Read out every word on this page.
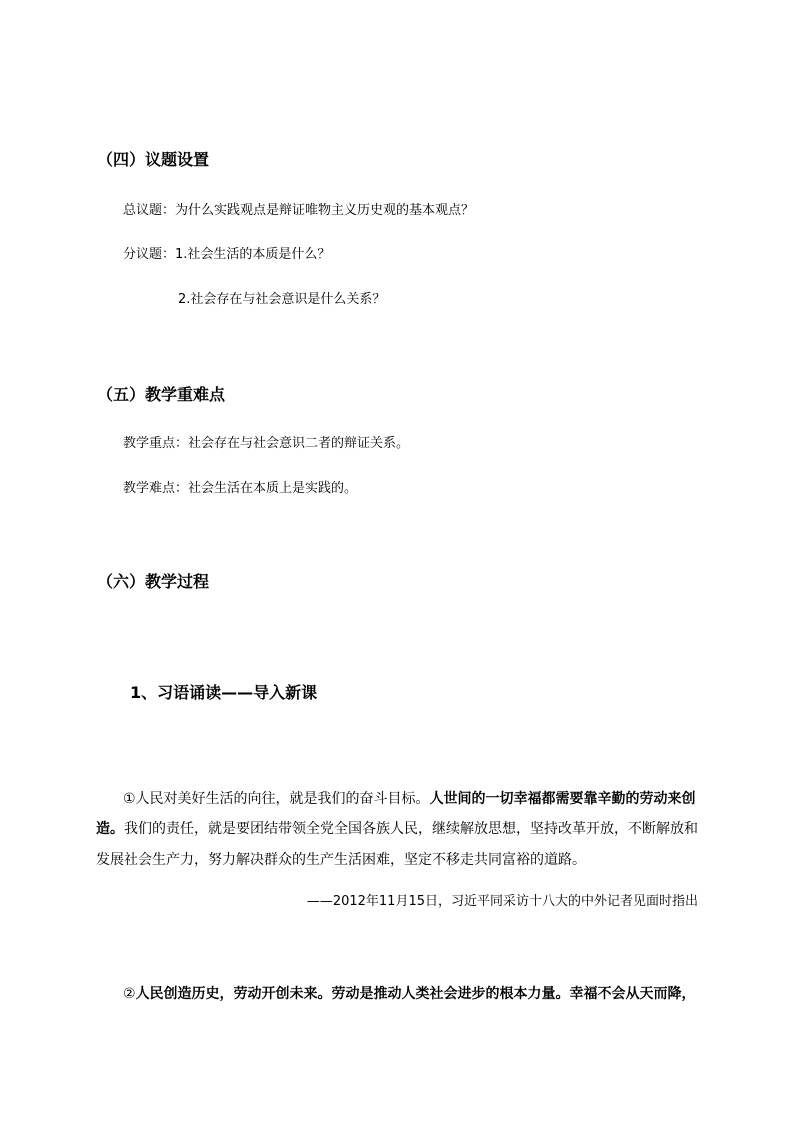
（四）议题设置
总议题：为什么实践观点是辩证唯物主义历史观的基本观点？
分议题：1.社会生活的本质是什么？
2.社会存在与社会意识是什么关系？
（五）教学重难点
教学重点：社会存在与社会意识二者的辩证关系。
教学难点：社会生活在本质上是实践的。
（六）教学过程
1、习语诵读——导入新课
①人民对美好生活的向往，就是我们的奋斗目标。人世间的一切幸福都需要靠辛勤的劳动来创
造。我们的责任，就是要团结带领全党全国各族人民，继续解放思想，坚持改革开放，不断解放和
发展社会生产力，努力解决群众的生产生活困难，坚定不移走共同富裕的道路。
——2012年11月15日，习近平同采访十八大的中外记者见面时指出
②人民创造历史，劳动开创未来。劳动是推动人类社会进步的根本力量。幸福不会从天而降，
